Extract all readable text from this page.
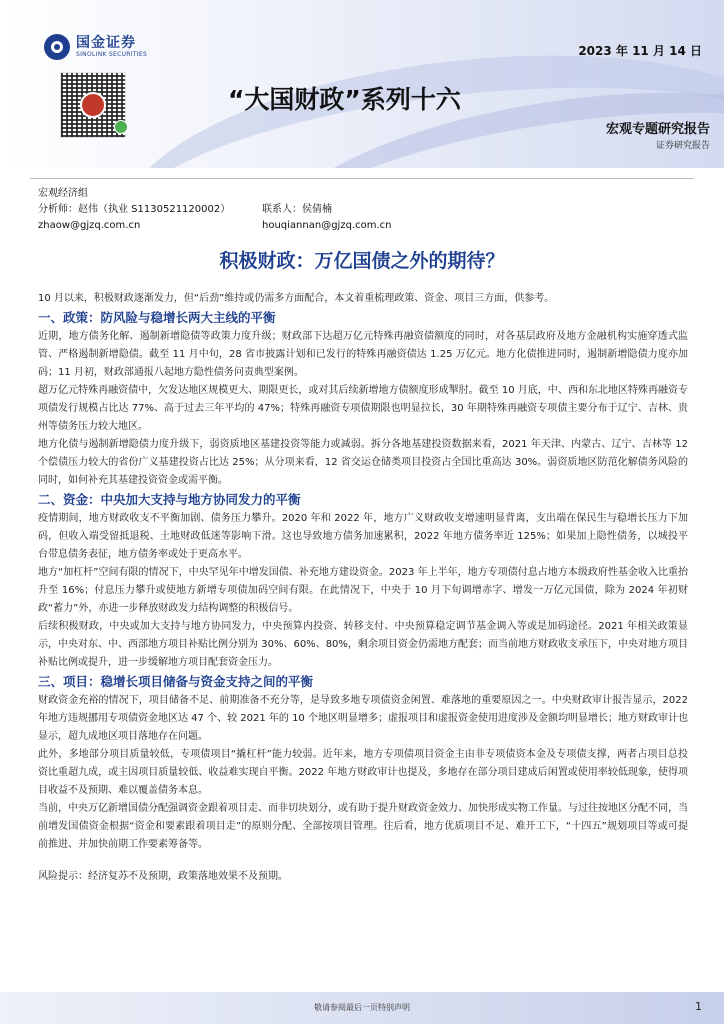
国金证券
SINOLINK SECURITIES	2023 年 11 月 14 日
“大国财政”系列十六
宏观专题研究报告
证券研究报告
宏观经济组
分析师：赵伟（执业 S1130521120002）	联系人：侯倩楠
zhaow@gjzq.com.cn	houqiannan@gjzq.com.cn
积极财政：万亿国债之外的期待？

10 月以来，积极财政逐渐发力，但“后劲”维持或仍需多方面配合，本文着重梳理政策、资金、项目三方面，供参考。

一、政策：防风险与稳增长两大主线的平衡

近期，地方债务化解、遏制新增隐债等政策力度升级；财政部下达超万亿元特殊再融资债额度的同时，对各基层政府及地方金融机构实施穿透式监管、严格遏制新增隐债。截至 11 月中旬，28 省市披露计划和已发行的特殊再融资债达 1.25 万亿元。地方化债推进同时，遏制新增隐债力度亦加码；11 月初，财政部通报八起地方隐性债务问责典型案例。

超万亿元特殊再融资债中，欠发达地区规模更大、期限更长，或对其后续新增地方债额度形成掣肘。截至 10 月底，中、西和东北地区特殊再融资专项债发行规模占比达 77%、高于过去三年平均的 47%；特殊再融资专项债期限也明显拉长，30 年期特殊再融资专项债主要分布于辽宁、吉林、贵州等债务压力较大地区。

地方化债与遏制新增隐债力度升级下，弱资质地区基建投资等能力或减弱。拆分各地基建投资数据来看，2021 年天津、内蒙古、辽宁、吉林等 12 个偿债压力较大的省份广义基建投资占比达 25%；从分项来看，12 省交运仓储类项目投资占全国比重高达 30%。弱资质地区防范化解债务风险的同时，如何补充其基建投资资金或需平衡。

二、资金：中央加大支持与地方协同发力的平衡

疫情期间，地方财政收支不平衡加剧、债务压力攀升。2020 年和 2022 年，地方广义财政收支增速明显背离，支出端在保民生与稳增长压力下加码，但收入端受留抵退税、土地财政低迷等影响下滑。这也导致地方债务加速累积，2022 年地方债务率近 125%；如果加上隐性债务，以城投平台带息债务表征，地方债务率或处于更高水平。

地方“加杠杆”空间有限的情况下，中央罕见年中增发国债、补充地方建设资金。2023 年上半年，地方专项债付息占地方本级政府性基金收入比重抬升至 16%；付息压力攀升或使地方新增专项债加码空间有限。在此情况下，中央于 10 月下旬调增赤字、增发一万亿元国债，除为 2024 年初财政“蓄力”外，亦进一步释放财政发力结构调整的积极信号。

后续积极财政，中央或加大支持与地方协同发力，中央预算内投资、转移支付、中央预算稳定调节基金调入等或是加码途径。2021 年相关政策显示，中央对东、中、西部地方项目补贴比例分别为 30%、60%、80%，剩余项目资金仍需地方配套；而当前地方财政收支承压下，中央对地方项目补贴比例或提升，进一步缓解地方项目配套资金压力。

三、项目：稳增长项目储备与资金支持之间的平衡

财政资金充裕的情况下，项目储备不足、前期准备不充分等，是导致多地专项债资金闲置、难落地的重要原因之一。中央财政审计报告显示，2022 年地方违规挪用专项债资金地区达 47 个、较 2021 年的 10 个地区明显增多；虚报项目和虚报资金使用进度涉及金额均明显增长；地方财政审计也显示，超九成地区项目落地存在问题。

此外，多地部分项目质量较低，专项债项目“撬杠杆”能力较弱。近年来，地方专项债项目资金主由非专项债资本金及专项债支撑，两者占项目总投资比重超九成，或主因项目质量较低、收益难实现自平衡。2022 年地方财政审计也提及，多地存在部分项目建成后闲置或使用率较低现象，使得项目收益不及预期、难以覆盖债务本息。

当前，中央万亿新增国债分配强调资金跟着项目走、而非切块划分，或有助于提升财政资金效力、加快形成实物工作量。与过往按地区分配不同，当前增发国债资金根据“资金和要素跟着项目走”的原则分配、全部按项目管理。往后看，地方优质项目不足、难开工下，“十四五”规划项目等或可提前推进、并加快前期工作要素筹备等。

风险提示：经济复苏不及预期，政策落地效果不及预期。

敬请参阅最后一页特别声明	1
